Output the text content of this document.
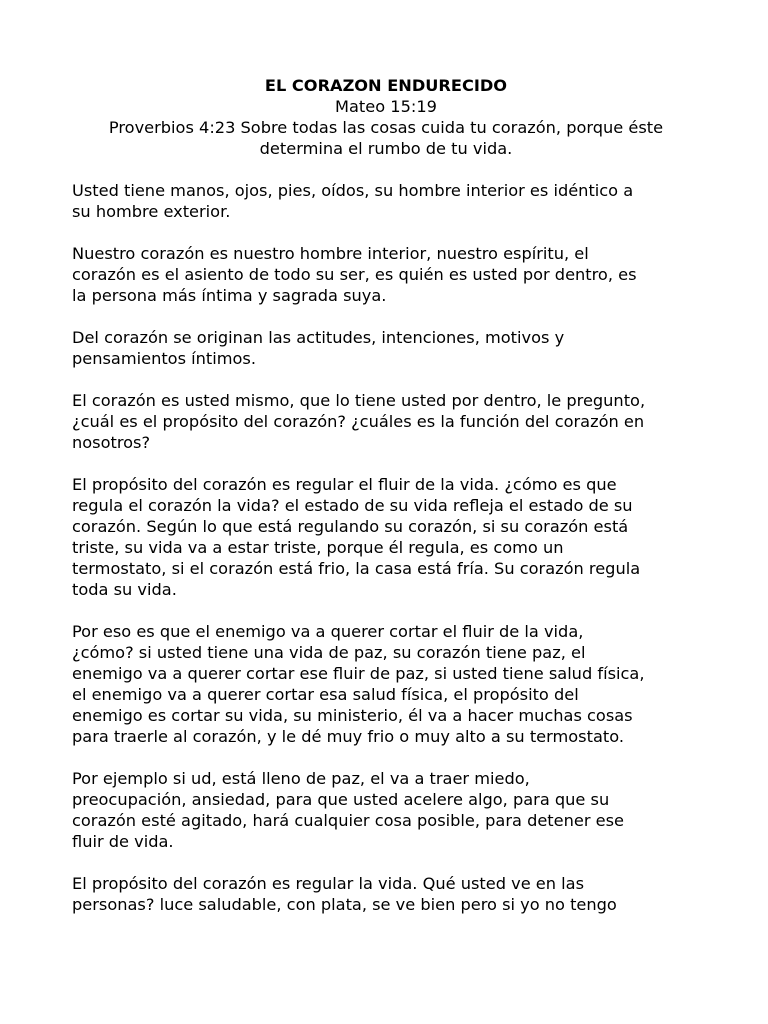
EL CORAZON ENDURECIDO
Mateo 15:19
Proverbios 4:23 Sobre todas las cosas cuida tu corazón, porque éste
determina el rumbo de tu vida.

Usted tiene manos, ojos, pies, oídos, su hombre interior es idéntico a
su hombre exterior.

Nuestro corazón es nuestro hombre interior, nuestro espíritu, el
corazón es el asiento de todo su ser, es quién es usted por dentro, es
la persona más íntima y sagrada suya.

Del corazón se originan las actitudes, intenciones, motivos y
pensamientos íntimos.

El corazón es usted mismo, que lo tiene usted por dentro, le pregunto,
¿cuál es el propósito del corazón? ¿cuáles es la función del corazón en
nosotros?

El propósito del corazón es regular el fluir de la vida. ¿cómo es que
regula el corazón la vida? el estado de su vida refleja el estado de su
corazón. Según lo que está regulando su corazón, si su corazón está
triste, su vida va a estar triste, porque él regula, es como un
termostato, si el corazón está frio, la casa está fría. Su corazón regula
toda su vida.

Por eso es que el enemigo va a querer cortar el fluir de la vida,
¿cómo? si usted tiene una vida de paz, su corazón tiene paz, el
enemigo va a querer cortar ese fluir de paz, si usted tiene salud física,
el enemigo va a querer cortar esa salud física, el propósito del
enemigo es cortar su vida, su ministerio, él va a hacer muchas cosas
para traerle al corazón, y le dé muy frio o muy alto a su termostato.

Por ejemplo si ud, está lleno de paz, el va a traer miedo,
preocupación, ansiedad, para que usted acelere algo, para que su
corazón esté agitado, hará cualquier cosa posible, para detener ese
fluir de vida.

El propósito del corazón es regular la vida. Qué usted ve en las
personas? luce saludable, con plata, se ve bien pero si yo no tengo
